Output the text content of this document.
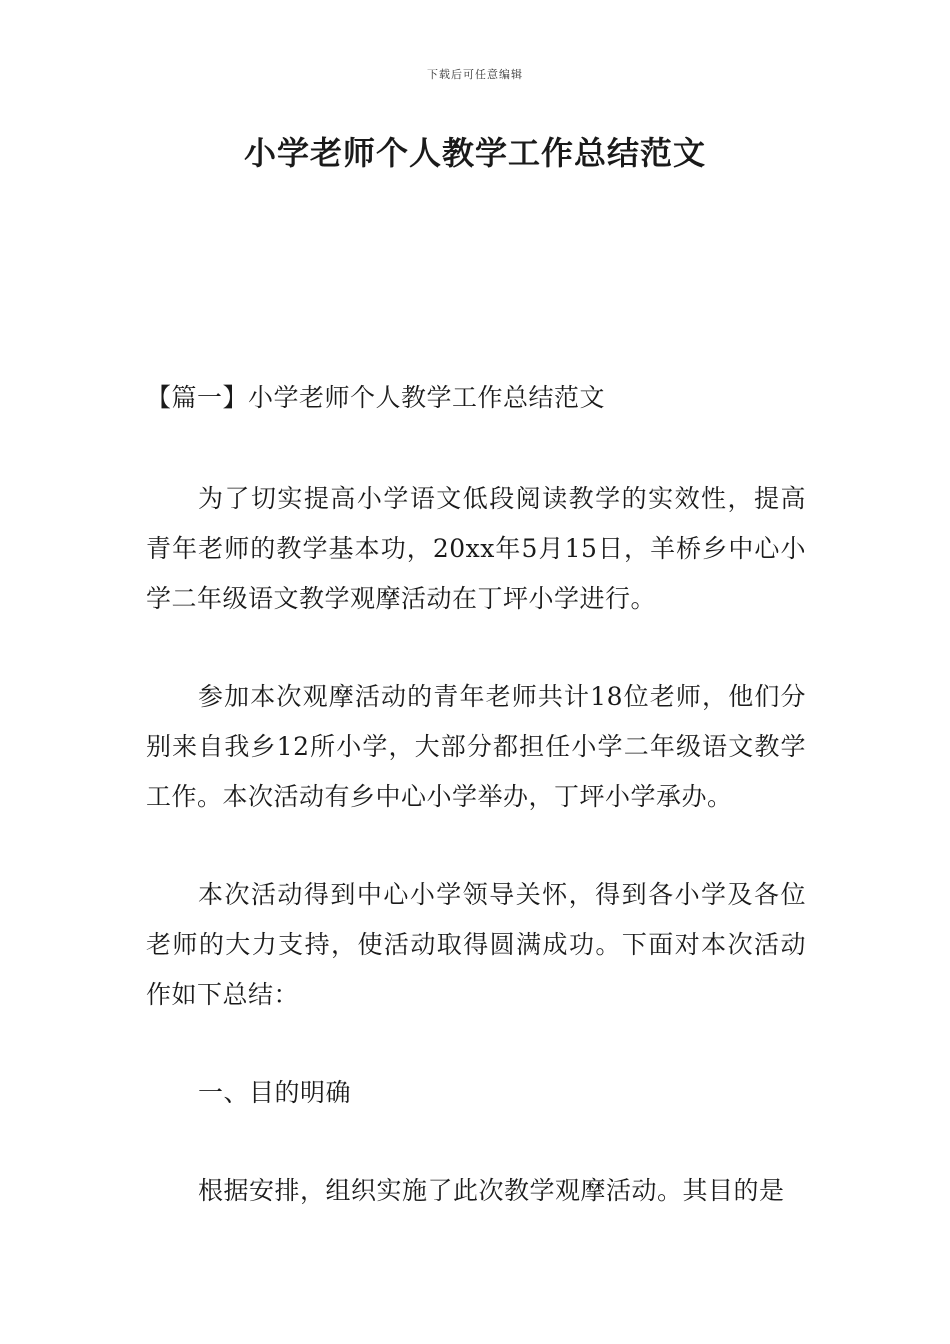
下载后可任意编辑
小学老师个人教学工作总结范文

【篇一】小学老师个人教学工作总结范文

为了切实提高小学语文低段阅读教学的实效性，提高青年老师的教学基本功，20xx年5月15日，羊桥乡中心小学二年级语文教学观摩活动在丁坪小学进行。

参加本次观摩活动的青年老师共计18位老师，他们分别来自我乡12所小学，大部分都担任小学二年级语文教学工作。本次活动有乡中心小学举办，丁坪小学承办。

本次活动得到中心小学领导关怀，得到各小学及各位老师的大力支持，使活动取得圆满成功。下面对本次活动作如下总结：

一、目的明确

根据安排，组织实施了此次教学观摩活动。其目的是
